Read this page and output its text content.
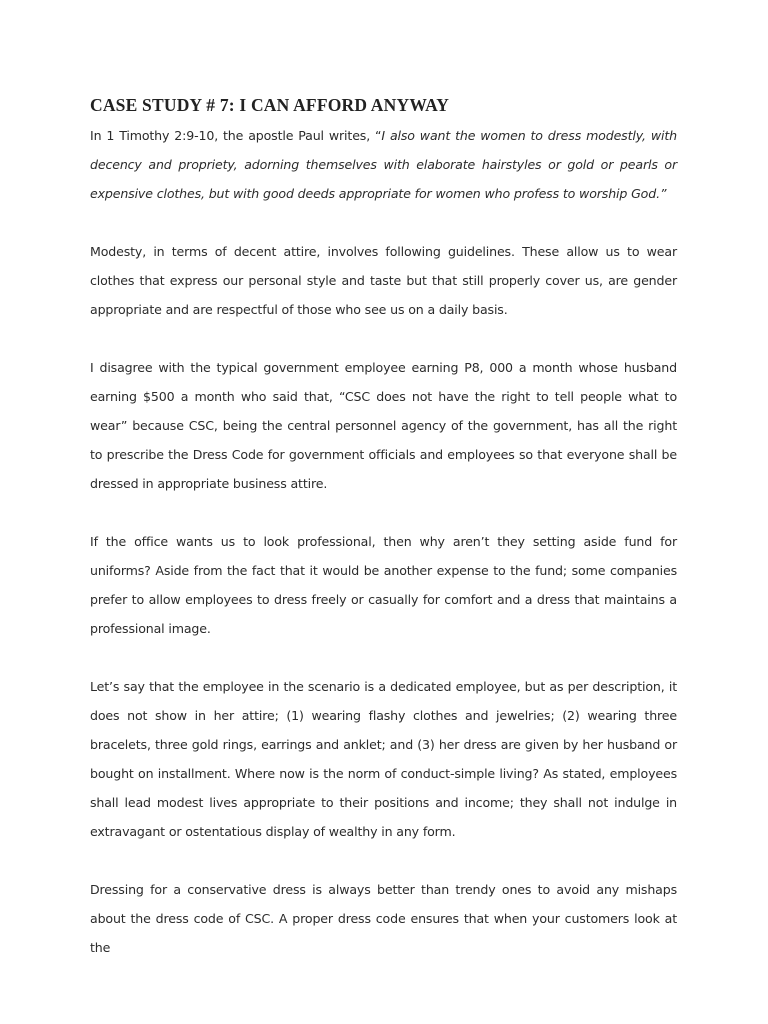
CASE STUDY # 7: I CAN AFFORD ANYWAY

In 1 Timothy 2:9-10, the apostle Paul writes, “I also want the women to dress modestly, with decency and propriety, adorning themselves with elaborate hairstyles or gold or pearls or expensive clothes, but with good deeds appropriate for women who profess to worship God.”

Modesty, in terms of decent attire, involves following guidelines. These allow us to wear clothes that express our personal style and taste but that still properly cover us, are gender appropriate and are respectful of those who see us on a daily basis.

I disagree with the typical government employee earning P8, 000 a month whose husband earning $500 a month who said that, “CSC does not have the right to tell people what to wear” because CSC, being the central personnel agency of the government, has all the right to prescribe the Dress Code for government officials and employees so that everyone shall be dressed in appropriate business attire.

If the office wants us to look professional, then why aren’t they setting aside fund for uniforms? Aside from the fact that it would be another expense to the fund; some companies prefer to allow employees to dress freely or casually for comfort and a dress that maintains a professional image.

Let’s say that the employee in the scenario is a dedicated employee, but as per description, it does not show in her attire; (1) wearing flashy clothes and jewelries; (2) wearing three bracelets, three gold rings, earrings and anklet; and (3) her dress are given by her husband or bought on installment. Where now is the norm of conduct-simple living? As stated, employees shall lead modest lives appropriate to their positions and income; they shall not indulge in extravagant or ostentatious display of wealthy in any form.

Dressing for a conservative dress is always better than trendy ones to avoid any mishaps about the dress code of CSC. A proper dress code ensures that when your customers look at the
